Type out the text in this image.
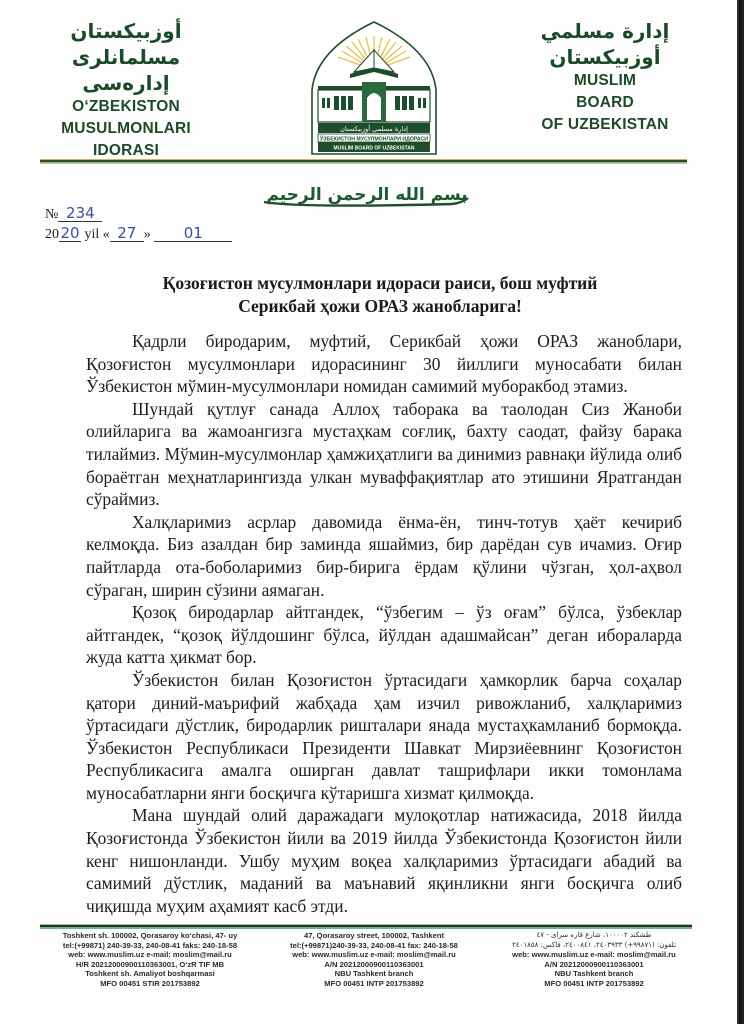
أوزبيكستان
مسلمانلرى إدارەسى
O‘ZBEKISTON
MUSULMONLARI
IDORASI
إدارة مسلمي أوزبيكستان
ЎЗБЕКИСТОН МУСУЛМОНЛАРИ ИДОРАСИ
MUSLIM BOARD OF UZBEKISTAN
إدارة مسلمي
أوزبيكستان
MUSLIM
BOARD
OF UZBEKISTAN
بسم الله الرحمن الرحيم
№ 234
2020 yil « 27 » 01
Қозоғистон мусулмонлари идораси раиси, бош муфтий
Серикбай ҳожи ОРАЗ жанобларига!

Қадрли биродарим, муфтий, Серикбай ҳожи ОРАЗ жаноблари, Қозоғистон мусулмонлари идорасининг 30 йиллиги муносабати билан Ўзбекистон мўмин-мусулмонлари номидан самимий муборакбод этамиз.

Шундай қутлуғ санада Аллоҳ таборака ва таолодан Сиз Жаноби олийларига ва жамоангизга мустаҳкам соғлиқ, бахту саодат, файзу барака тилаймиз. Мўмин-мусулмонлар ҳамжиҳатлиги ва динимиз равнақи йўлида олиб бораётган меҳнатларингизда улкан муваффақиятлар ато этишини Яратгандан сўраймиз.

Халқларимиз асрлар давомида ёнма-ён, тинч-тотув ҳаёт кечириб келмоқда. Биз азалдан бир заминда яшаймиз, бир дарёдан сув ичамиз. Оғир пайтларда ота-боболаримиз бир-бирига ёрдам қўлини чўзган, ҳол-аҳвол сўраган, ширин сўзини аямаган.

Қозоқ биродарлар айтгандек, “ўзбегим – ўз оғам” бўлса, ўзбеклар айтгандек, “қозоқ йўлдошинг бўлса, йўлдан адашмайсан” деган ибораларда жуда катта ҳикмат бор.

Ўзбекистон билан Қозоғистон ўртасидаги ҳамкорлик барча соҳалар қатори диний-маърифий жабҳада ҳам изчил ривожланиб, халқларимиз ўртасидаги дўстлик, биродарлик ришталари янада мустаҳкамланиб бормоқда. Ўзбекистон Республикаси Президенти Шавкат Мирзиёевнинг Қозоғистон Республикасига амалга оширган давлат ташрифлари икки томонлама муносабатларни янги босқичга кўтаришга хизмат қилмоқда.

Мана шундай олий даражадаги мулоқотлар натижасида, 2018 йилда Қозоғистонда Ўзбекистон йили ва 2019 йилда Ўзбекистонда Қозоғистон йили кенг нишонланди. Ушбу муҳим воқеа халқларимиз ўртасидаги абадий ва самимий дўстлик, маданий ва маънавий яқинликни янги босқичга олиб чиқишда муҳим аҳамият касб этди.

Toshkent sh. 100002, Qorasaroy ko‘chasi, 47- uy
tel:(+99871) 240-39-33, 240-08-41 faks: 240-18-58
web: www.muslim.uz e-mail: moslim@mail.ru
H/R 20212000900110363001, O‘zR TIF MB
Toshkent sh. Amaliyot boshqarmasi
MFO 00451 STIR 201753892
47, Qorasaroy street, 100002, Tashkent
tel:(+99871)240-39-33, 240-08-41 fax: 240-18-58
web: www.muslim.uz e-mail: moslim@mail.ru
A/N 20212000900110363001
NBU Tashkent branch
MFO 00451 INTP 201753892
طشكند ١٠٠٠٠٢، شارع قاره سراى - ٤٧
تلفون: (٩٩٨٧١+) ٢٤٠٣٩٣٣، ٢٤٠٠٨٤١، فاكس: ٢٤٠١٨٥٨
web: www.muslim.uz e-mail: moslim@mail.ru
A/N 20212000900110363001
NBU Tashkent branch
MFO 00451 INTP 201753892
